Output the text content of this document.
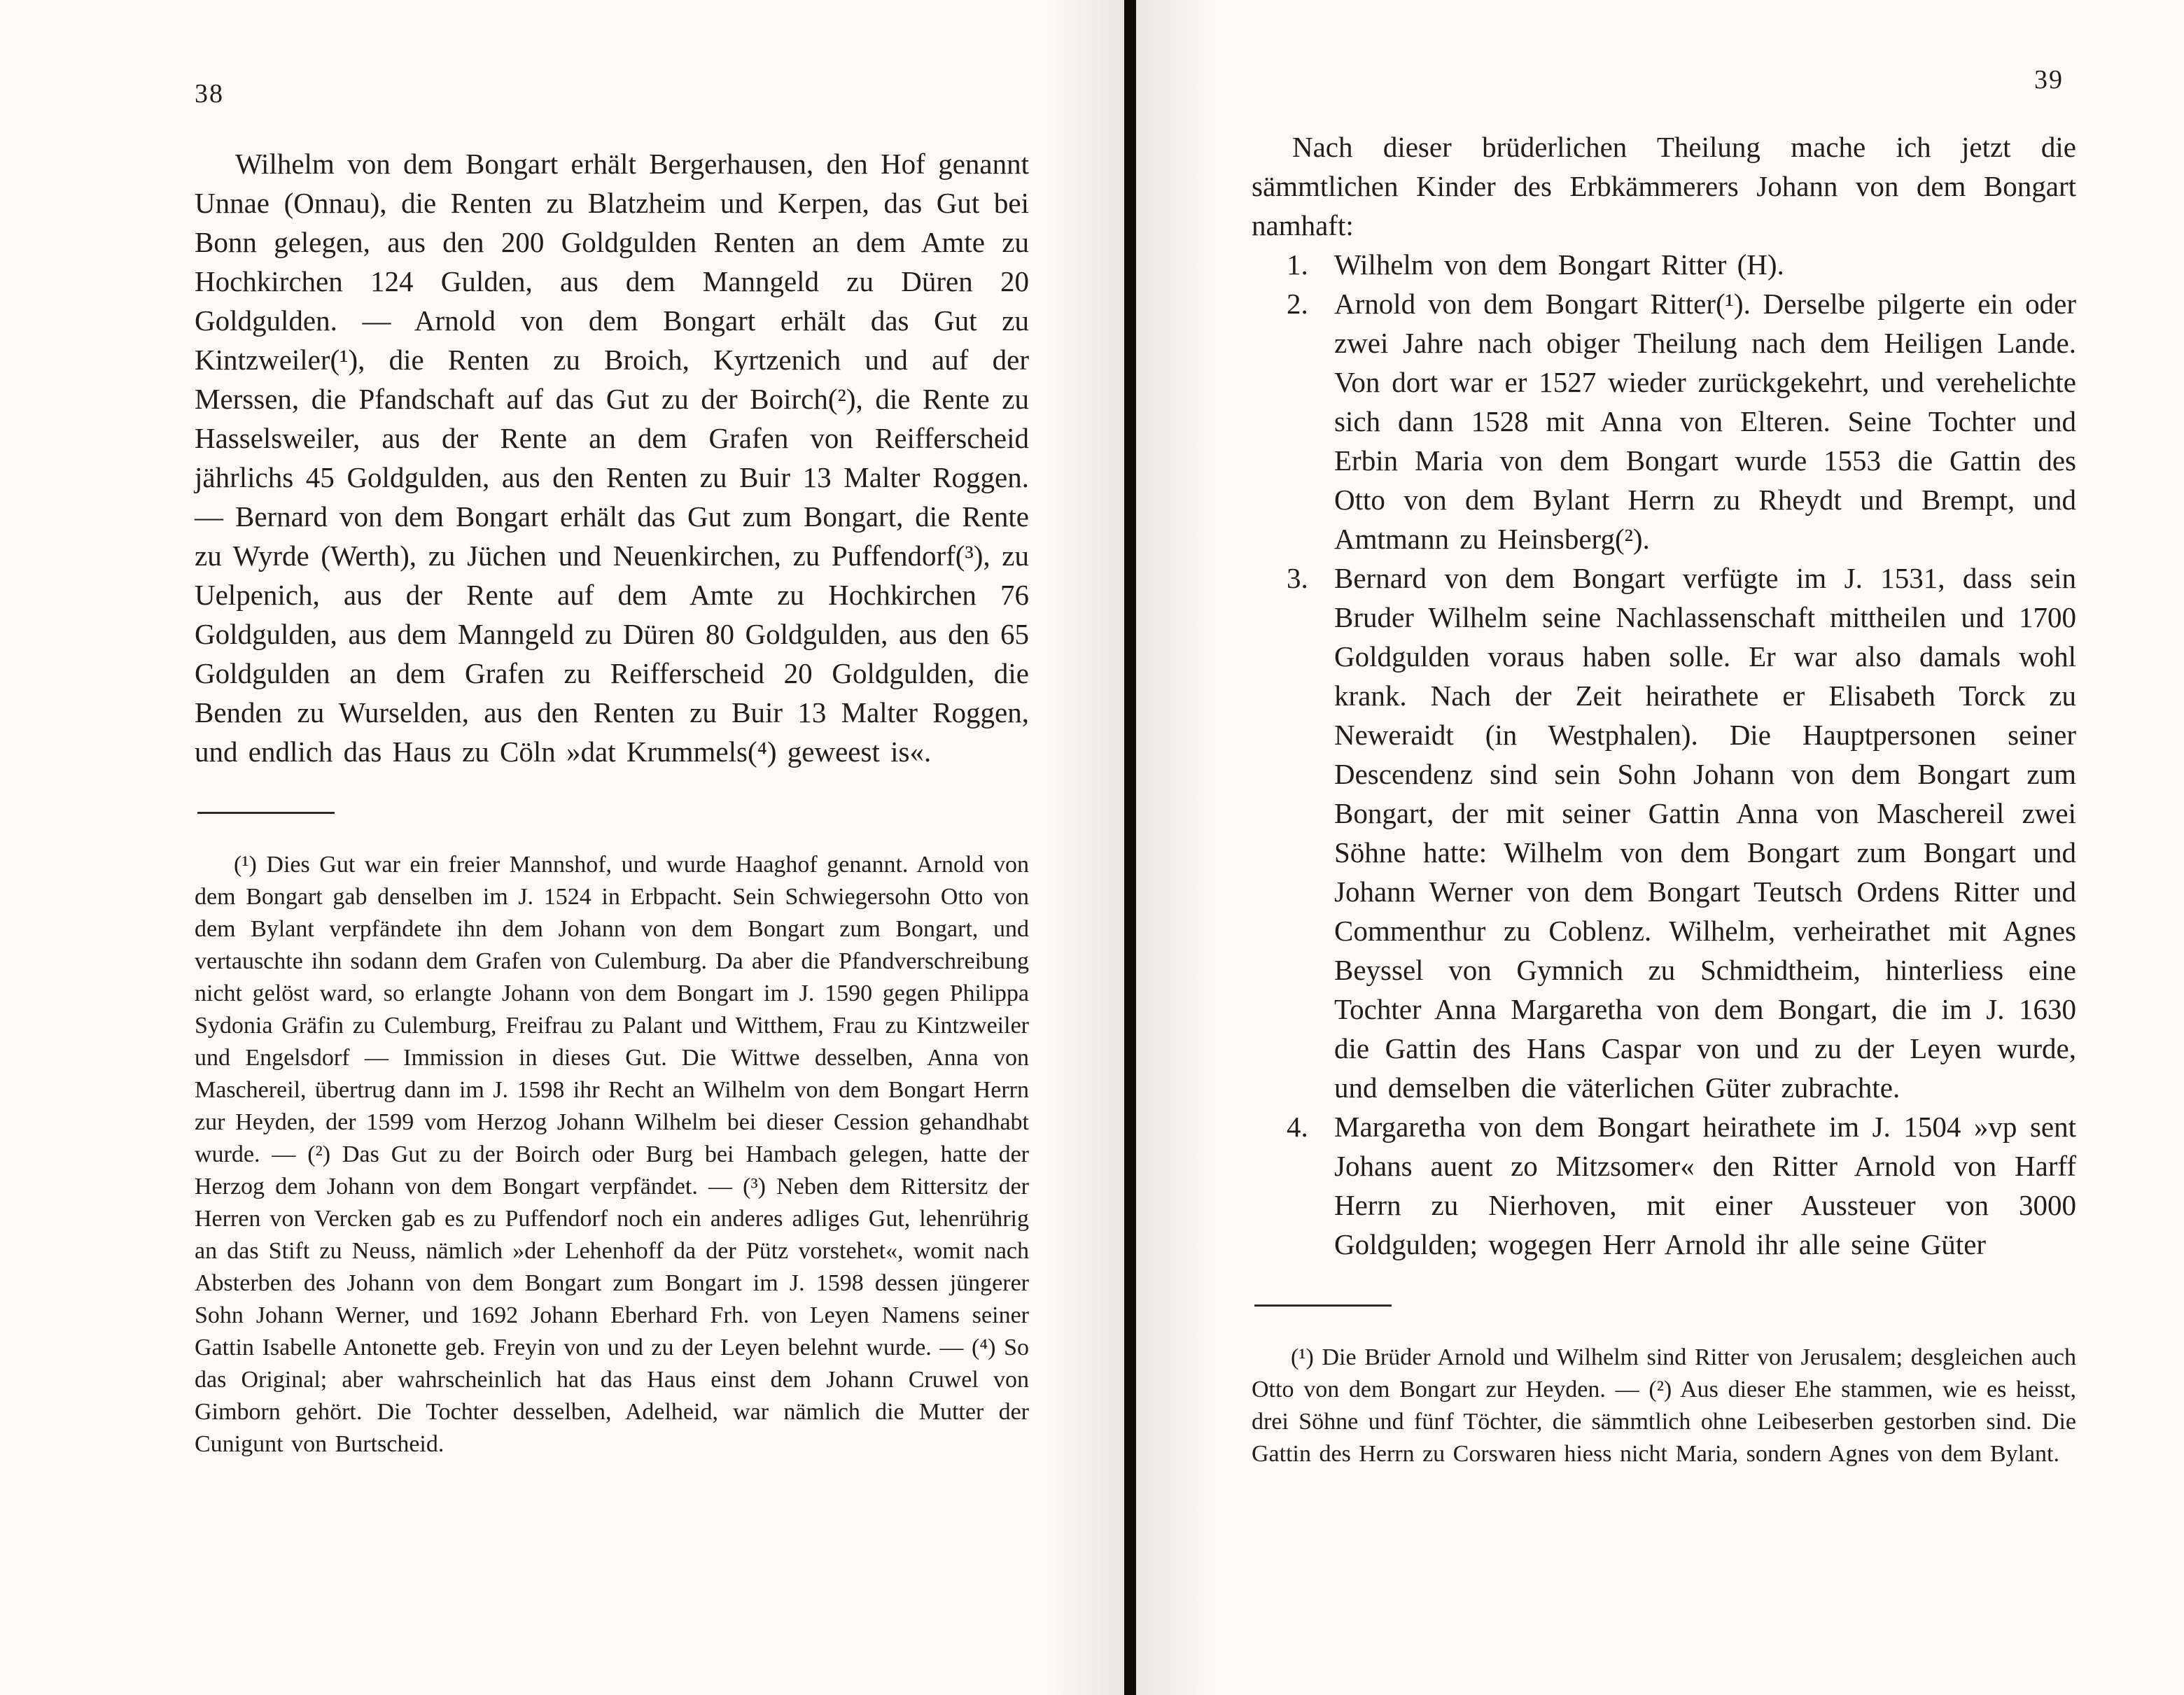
38

Wilhelm von dem Bongart erhält Bergerhausen, den Hof genannt Unnae (Onnau), die Renten zu Blatzheim und Kerpen, das Gut bei Bonn gelegen, aus den 200 Goldgulden Renten an dem Amte zu Hochkirchen 124 Gulden, aus dem Manngeld zu Düren 20 Goldgulden. — Arnold von dem Bongart erhält das Gut zu Kintzweiler(¹), die Renten zu Broich, Kyrtzenich und auf der Merssen, die Pfandschaft auf das Gut zu der Boirch(²), die Rente zu Hasselsweiler, aus der Rente an dem Grafen von Reifferscheid jährlichs 45 Goldgulden, aus den Renten zu Buir 13 Malter Roggen. — Bernard von dem Bongart erhält das Gut zum Bongart, die Rente zu Wyrde (Werth), zu Jüchen und Neuenkirchen, zu Puffendorf(³), zu Uelpenich, aus der Rente auf dem Amte zu Hochkirchen 76 Goldgulden, aus dem Manngeld zu Düren 80 Goldgulden, aus den 65 Goldgulden an dem Grafen zu Reifferscheid 20 Goldgulden, die Benden zu Wurselden, aus den Renten zu Buir 13 Malter Roggen, und endlich das Haus zu Cöln »dat Krummels(⁴) geweest is«.

(¹) Dies Gut war ein freier Mannshof, und wurde Haaghof genannt. Arnold von dem Bongart gab denselben im J. 1524 in Erbpacht. Sein Schwiegersohn Otto von dem Bylant verpfändete ihn dem Johann von dem Bongart zum Bongart, und vertauschte ihn sodann dem Grafen von Culemburg. Da aber die Pfandverschreibung nicht gelöst ward, so erlangte Johann von dem Bongart im J. 1590 gegen Philippa Sydonia Gräfin zu Culemburg, Freifrau zu Palant und Witthem, Frau zu Kintzweiler und Engelsdorf — Immission in dieses Gut. Die Wittwe desselben, Anna von Maschereil, übertrug dann im J. 1598 ihr Recht an Wilhelm von dem Bongart Herrn zur Heyden, der 1599 vom Herzog Johann Wilhelm bei dieser Cession gehandhabt wurde. — (²) Das Gut zu der Boirch oder Burg bei Hambach gelegen, hatte der Herzog dem Johann von dem Bongart verpfändet. — (³) Neben dem Rittersitz der Herren von Vercken gab es zu Puffendorf noch ein anderes adliges Gut, lehenrührig an das Stift zu Neuss, nämlich »der Lehenhoff da der Pütz vorstehet«, womit nach Absterben des Johann von dem Bongart zum Bongart im J. 1598 dessen jüngerer Sohn Johann Werner, und 1692 Johann Eberhard Frh. von Leyen Namens seiner Gattin Isabelle Antonette geb. Freyin von und zu der Leyen belehnt wurde. — (⁴) So das Original; aber wahrscheinlich hat das Haus einst dem Johann Cruwel von Gimborn gehört. Die Tochter desselben, Adelheid, war nämlich die Mutter der Cunigunt von Burtscheid.

39

Nach dieser brüderlichen Theilung mache ich jetzt die sämmtlichen Kinder des Erbkämmerers Johann von dem Bongart namhaft:

1. Wilhelm von dem Bongart Ritter (H).
2. Arnold von dem Bongart Ritter(¹). Derselbe pilgerte ein oder zwei Jahre nach obiger Theilung nach dem Heiligen Lande. Von dort war er 1527 wieder zurückgekehrt, und verehelichte sich dann 1528 mit Anna von Elteren. Seine Tochter und Erbin Maria von dem Bongart wurde 1553 die Gattin des Otto von dem Bylant Herrn zu Rheydt und Brempt, und Amtmann zu Heinsberg(²).
3. Bernard von dem Bongart verfügte im J. 1531, dass sein Bruder Wilhelm seine Nachlassenschaft mittheilen und 1700 Goldgulden voraus haben solle. Er war also damals wohl krank. Nach der Zeit heirathete er Elisabeth Torck zu Neweraidt (in Westphalen). Die Hauptpersonen seiner Descendenz sind sein Sohn Johann von dem Bongart zum Bongart, der mit seiner Gattin Anna von Maschereil zwei Söhne hatte: Wilhelm von dem Bongart zum Bongart und Johann Werner von dem Bongart Teutsch Ordens Ritter und Commenthur zu Coblenz. Wilhelm, verheirathet mit Agnes Beyssel von Gymnich zu Schmidtheim, hinterliess eine Tochter Anna Margaretha von dem Bongart, die im J. 1630 die Gattin des Hans Caspar von und zu der Leyen wurde, und demselben die väterlichen Güter zubrachte.
4. Margaretha von dem Bongart heirathete im J. 1504 »vp sent Johans auent zo Mitzsomer« den Ritter Arnold von Harff Herrn zu Nierhoven, mit einer Aussteuer von 3000 Goldgulden; wogegen Herr Arnold ihr alle seine Güter

(¹) Die Brüder Arnold und Wilhelm sind Ritter von Jerusalem; desgleichen auch Otto von dem Bongart zur Heyden. — (²) Aus dieser Ehe stammen, wie es heisst, drei Söhne und fünf Töchter, die sämmtlich ohne Leibeserben gestorben sind. Die Gattin des Herrn zu Corswaren hiess nicht Maria, sondern Agnes von dem Bylant.
